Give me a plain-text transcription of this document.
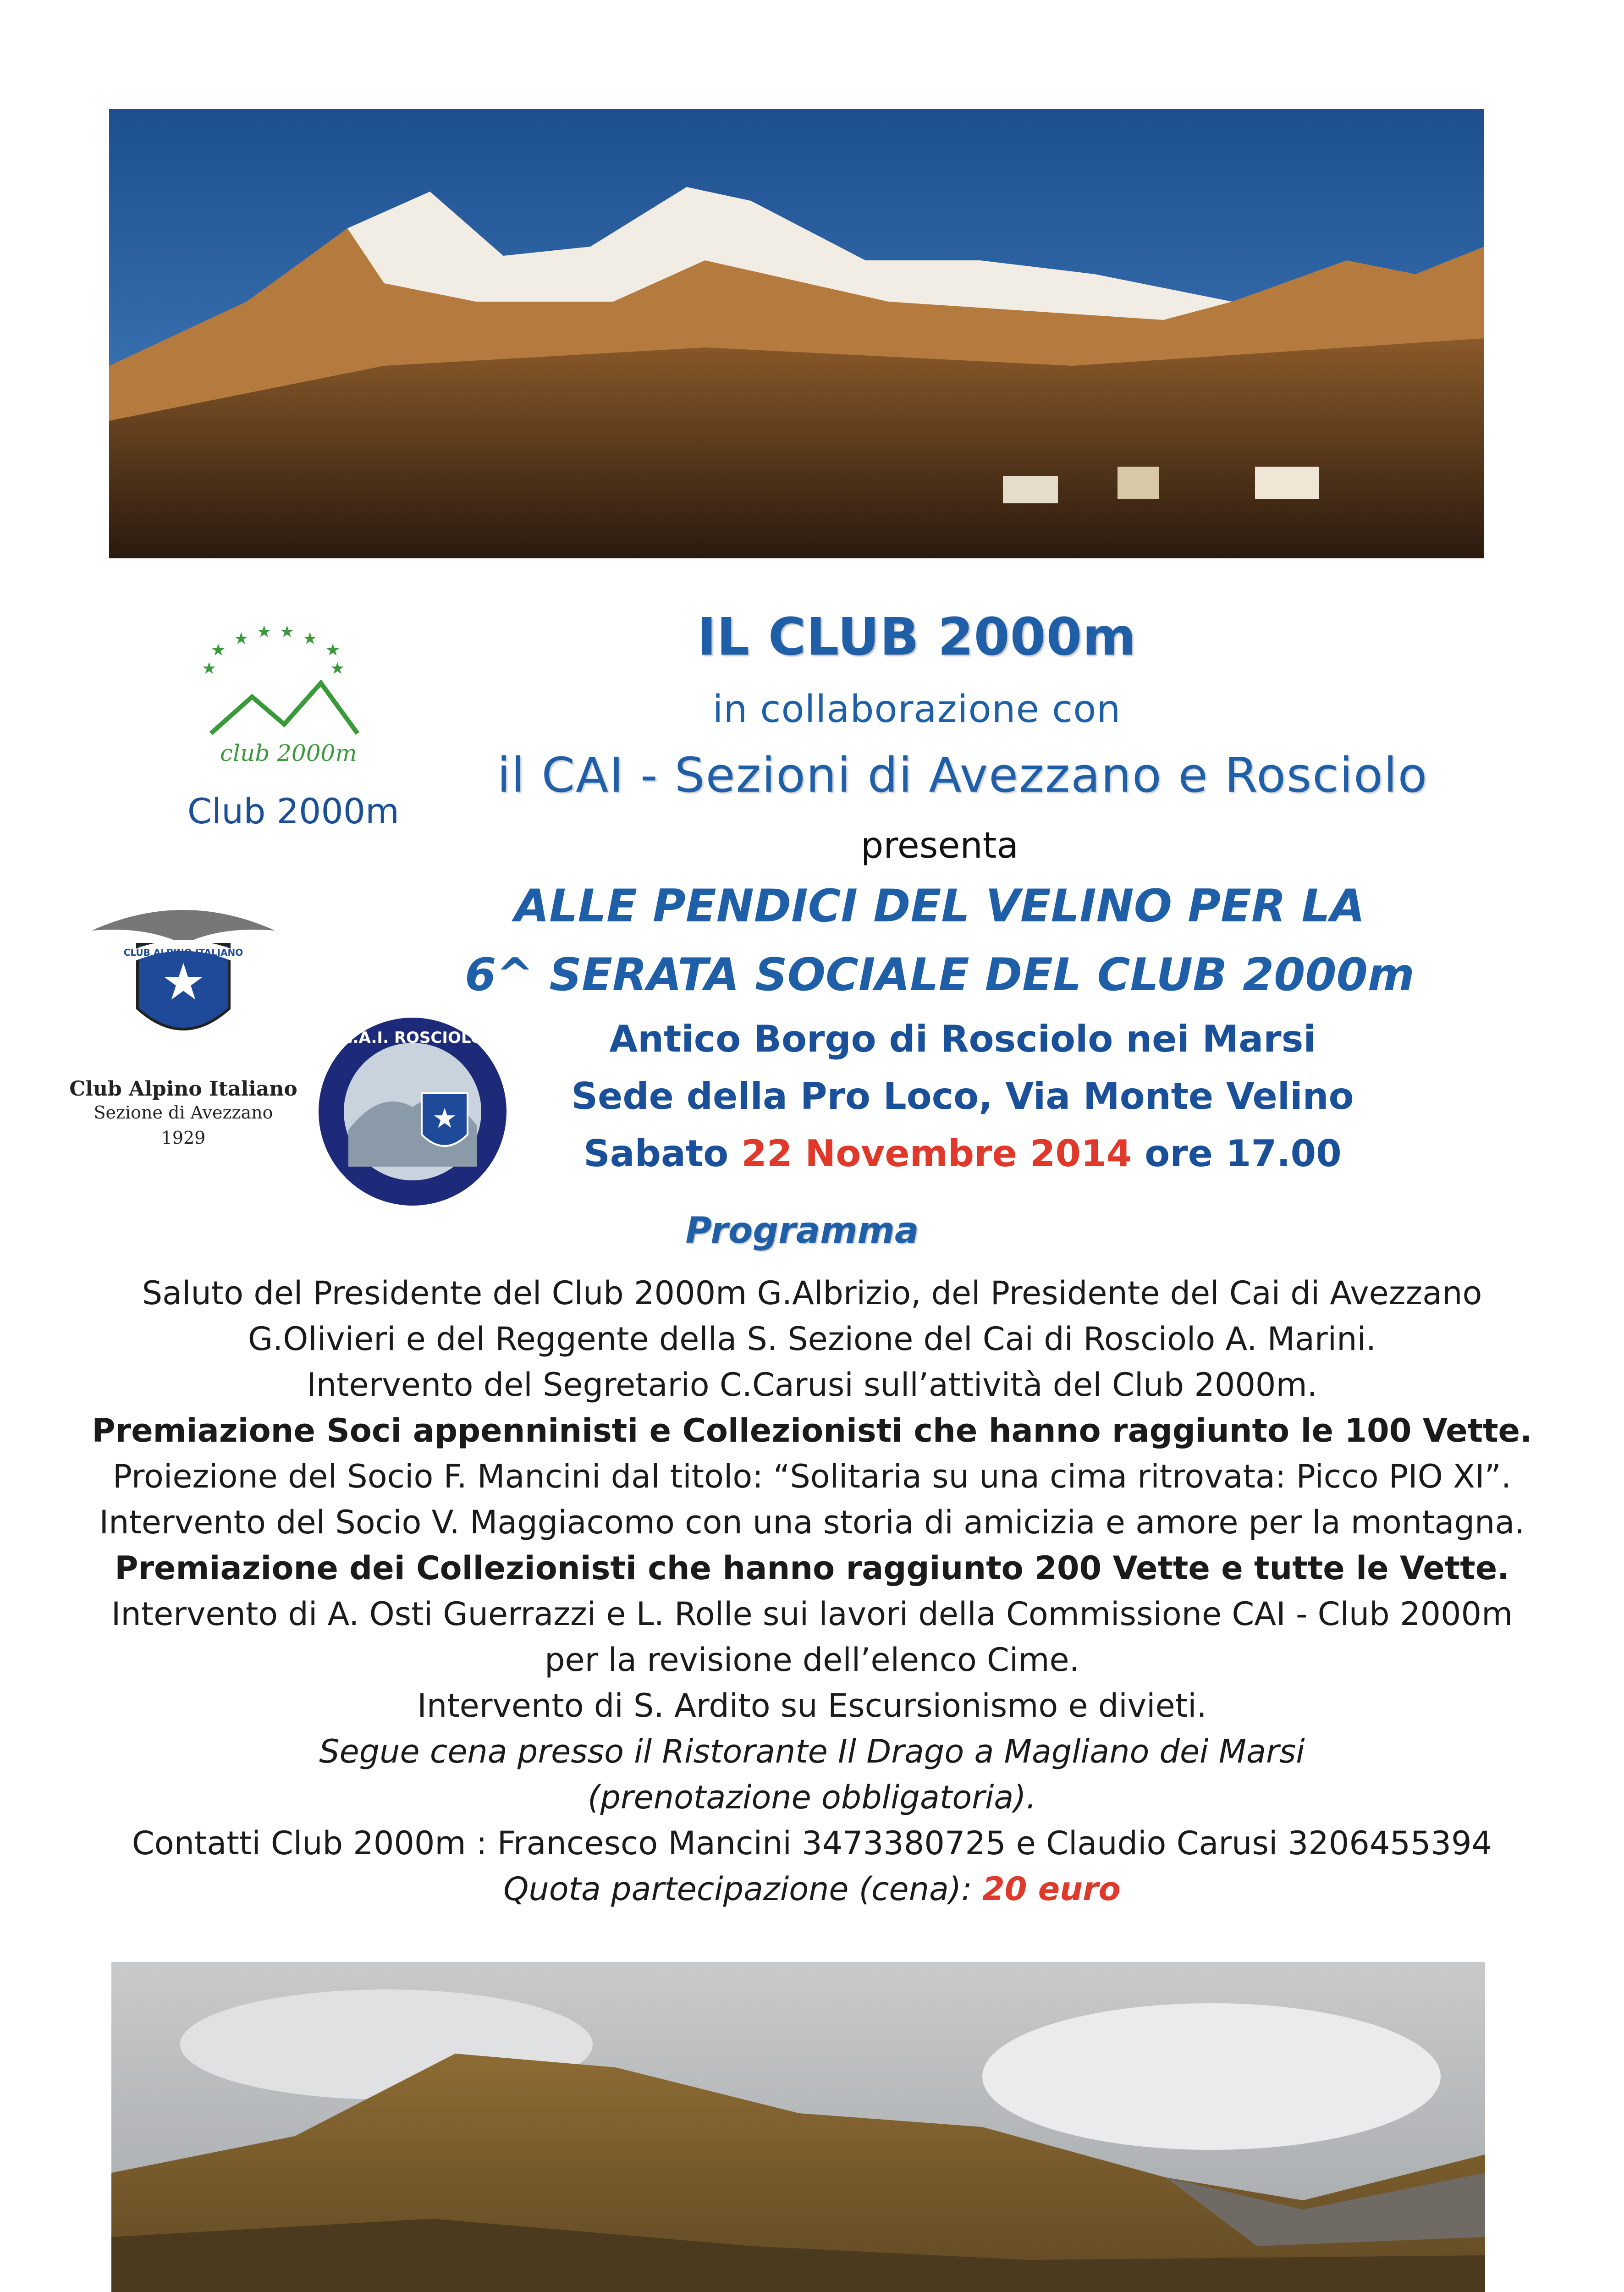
★
★ ★ ★ ★
★
★	★
club 2000m
Club 2000m
★
CLUB ALPINO ITALIANO
Club Alpino Italiano
Sezione di Avezzano
1929
★
C.A.I. ROSCIOLO
IL CLUB 2000m
in collaborazione con
il CAI - Sezioni di Avezzano e Rosciolo
presenta
ALLE PENDICI DEL VELINO PER LA
6^ SERATA SOCIALE DEL CLUB 2000m
Antico Borgo di Rosciolo nei Marsi
Sede della Pro Loco, Via Monte Velino
Sabato 22 Novembre 2014 ore 17.00
Programma
Saluto del Presidente del Club 2000m G.Albrizio, del Presidente del Cai di Avezzano
G.Olivieri e del Reggente della S. Sezione del Cai di Rosciolo A. Marini.
Intervento del Segretario C.Carusi sull’attività del Club 2000m.
Premiazione Soci appenninisti e Collezionisti che hanno raggiunto le 100 Vette.
Proiezione del Socio F. Mancini dal titolo: “Solitaria su una cima ritrovata: Picco PIO XI”.
Intervento del Socio V. Maggiacomo con una storia di amicizia e amore per la montagna.
Premiazione dei Collezionisti che hanno raggiunto 200 Vette e tutte le Vette.
Intervento di A. Osti Guerrazzi e L. Rolle sui lavori della Commissione CAI - Club 2000m
per la revisione dell’elenco Cime.
Intervento di S. Ardito su Escursionismo e divieti.
Segue cena presso il Ristorante Il Drago a Magliano dei Marsi
(prenotazione obbligatoria).
Contatti Club 2000m : Francesco Mancini 3473380725 e Claudio Carusi 3206455394
Quota partecipazione (cena): 20 euro
